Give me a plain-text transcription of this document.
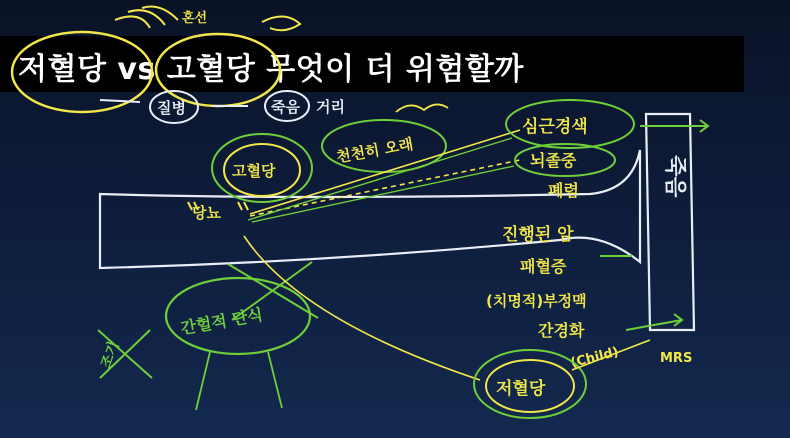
저혈당 vs 고혈당 무엇이 더 위험할까
혼선
질병	죽음 거리
죽음
고혈당
천천히 오래
당뇨
심근경색
뇌졸중
폐렴
진행된 암
패혈증
(치명적)부정맥
간경화
(Child)	MRS
간헐적 단식
조기
저혈당
